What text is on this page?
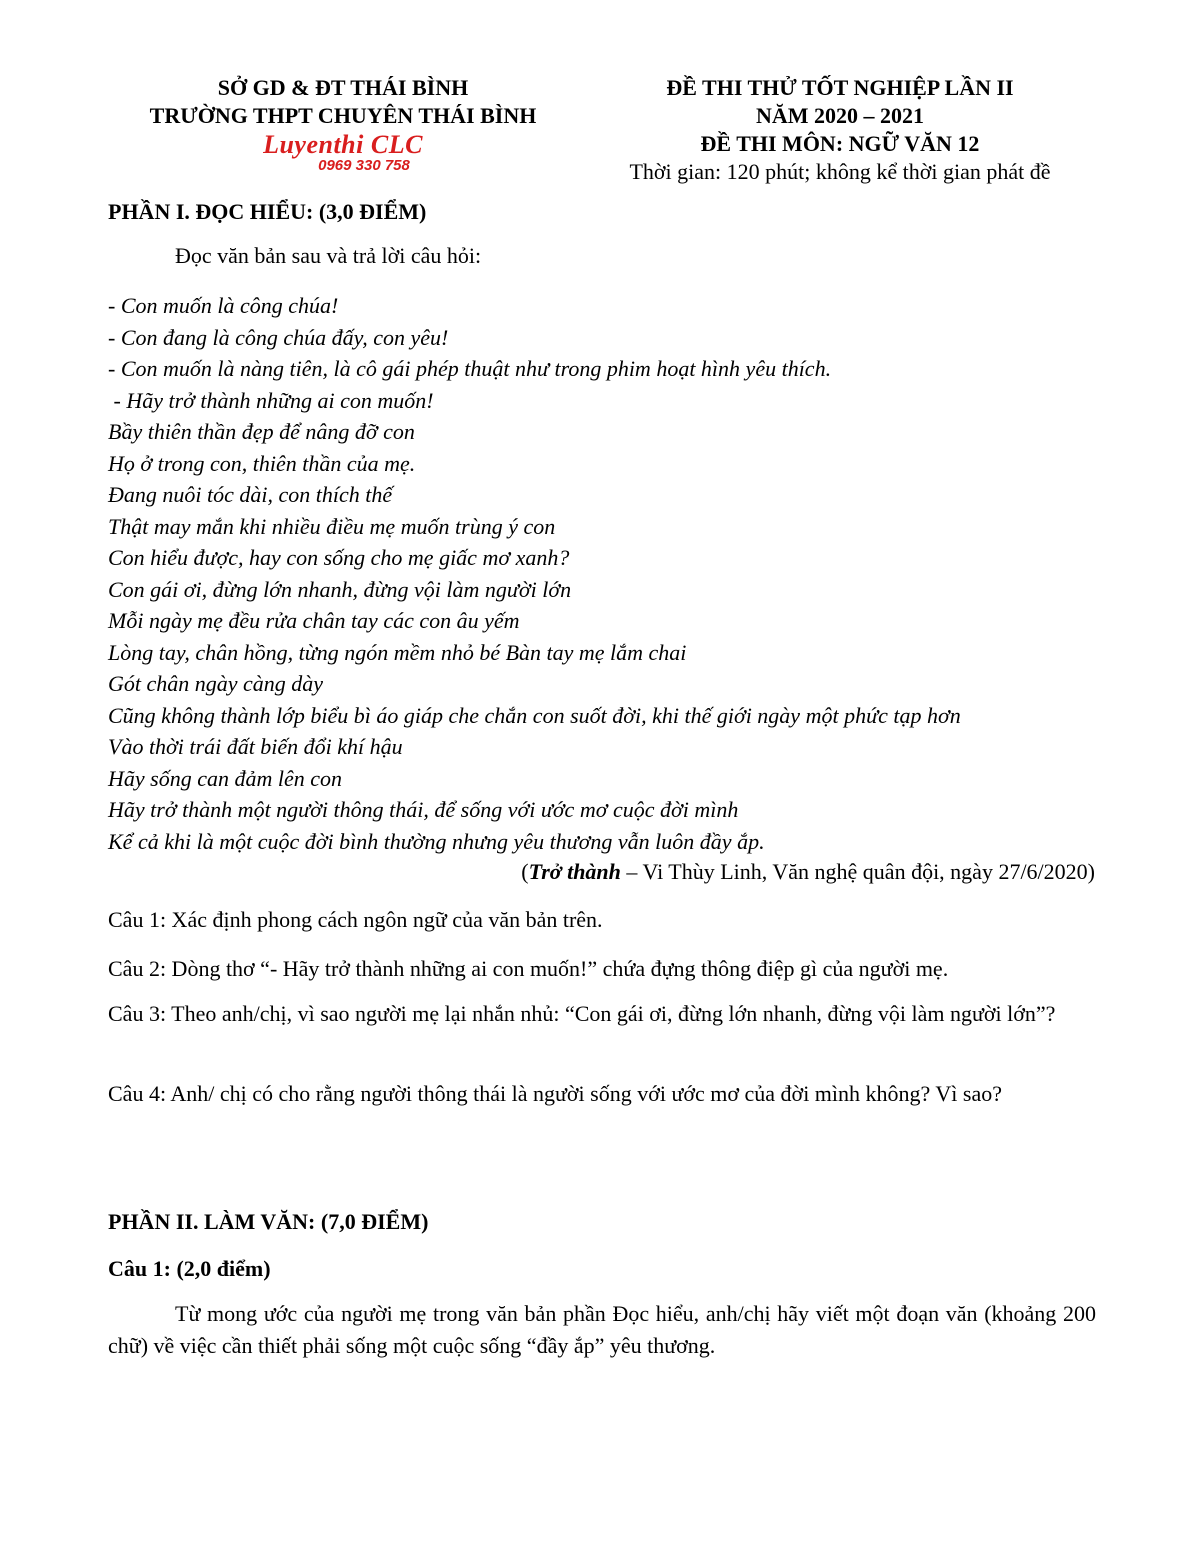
SỞ GD & ĐT THÁI BÌNH
TRƯỜNG THPT CHUYÊN THÁI BÌNH
Luyenthi CLC
0969 330 758
ĐỀ THI THỬ TỐT NGHIỆP LẦN II
NĂM 2020 – 2021
ĐỀ THI MÔN: NGỮ VĂN 12
Thời gian: 120 phút; không kể thời gian phát đề
PHẦN I. ĐỌC HIỂU: (3,0 ĐIỂM)
Đọc văn bản sau và trả lời câu hỏi:
- Con muốn là công chúa!
- Con đang là công chúa đấy, con yêu!
- Con muốn là nàng tiên, là cô gái phép thuật như trong phim hoạt hình yêu thích.
- Hãy trở thành những ai con muốn!
Bầy thiên thần đẹp để nâng đỡ con
Họ ở trong con, thiên thần của mẹ.
Đang nuôi tóc dài, con thích thế
Thật may mắn khi nhiều điều mẹ muốn trùng ý con
Con hiểu được, hay con sống cho mẹ giấc mơ xanh?
Con gái ơi, đừng lớn nhanh, đừng vội làm người lớn
Mỗi ngày mẹ đều rửa chân tay các con âu yếm
Lòng tay, chân hồng, từng ngón mềm nhỏ bé Bàn tay mẹ lắm chai
Gót chân ngày càng dày
Cũng không thành lớp biểu bì áo giáp che chắn con suốt đời, khi thế giới ngày một phức tạp hơn
Vào thời trái đất biến đổi khí hậu
Hãy sống can đảm lên con
Hãy trở thành một người thông thái, để sống với ước mơ cuộc đời mình
Kể cả khi là một cuộc đời bình thường nhưng yêu thương vẫn luôn đầy ắp.
(Trở thành – Vi Thùy Linh, Văn nghệ quân đội, ngày 27/6/2020)
Câu 1: Xác định phong cách ngôn ngữ của văn bản trên.
Câu 2: Dòng thơ “- Hãy trở thành những ai con muốn!” chứa đựng thông điệp gì của người mẹ.
Câu 3: Theo anh/chị, vì sao người mẹ lại nhắn nhủ: “Con gái ơi, đừng lớn nhanh, đừng vội làm người lớn”?
Câu 4: Anh/ chị có cho rằng người thông thái là người sống với ước mơ của đời mình không? Vì sao?
PHẦN II. LÀM VĂN: (7,0 ĐIỂM)
Câu 1: (2,0 điểm)
Từ mong ước của người mẹ trong văn bản phần Đọc hiểu, anh/chị hãy viết một đoạn văn (khoảng 200 chữ) về việc cần thiết phải sống một cuộc sống “đầy ắp” yêu thương.
